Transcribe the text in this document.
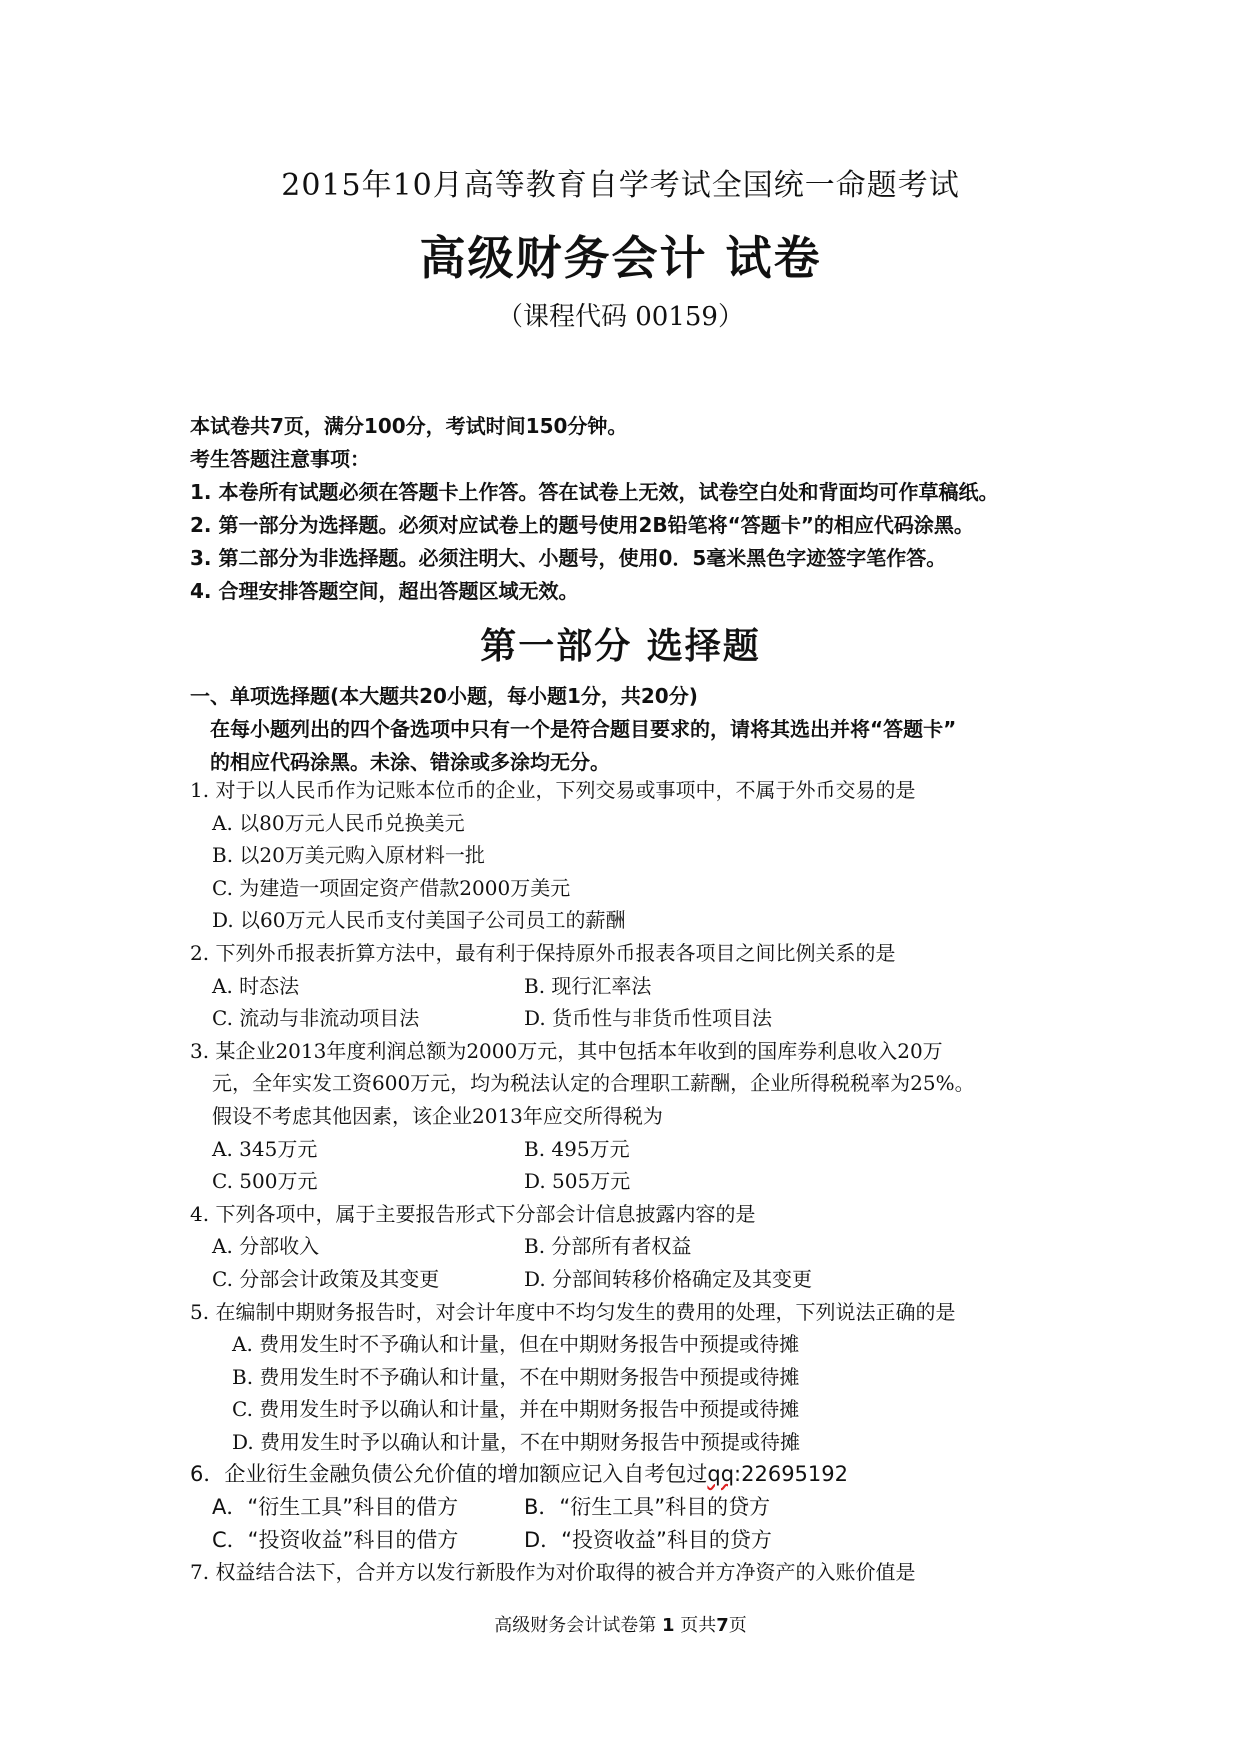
2015年10月高等教育自学考试全国统一命题考试
高级财务会计 试卷
（课程代码 00159）
本试卷共7页，满分100分，考试时间150分钟。
考生答题注意事项：
1. 本卷所有试题必须在答题卡上作答。答在试卷上无效，试卷空白处和背面均可作草稿纸。
2. 第一部分为选择题。必须对应试卷上的题号使用2B铅笔将“答题卡”的相应代码涂黑。
3. 第二部分为非选择题。必须注明大、小题号，使用0．5毫米黑色字迹签字笔作答。
4. 合理安排答题空间，超出答题区域无效。
第一部分 选择题
一、单项选择题(本大题共20小题，每小题1分，共20分)
在每小题列出的四个备选项中只有一个是符合题目要求的，请将其选出并将“答题卡”
的相应代码涂黑。未涂、错涂或多涂均无分。
1. 对于以人民币作为记账本位币的企业，下列交易或事项中，不属于外币交易的是
A. 以80万元人民币兑换美元
B. 以20万美元购入原材料一批
C. 为建造一项固定资产借款2000万美元
D. 以60万元人民币支付美国子公司员工的薪酬
2. 下列外币报表折算方法中，最有利于保持原外币报表各项目之间比例关系的是
A. 时态法	B. 现行汇率法
C. 流动与非流动项目法	D. 货币性与非货币性项目法
3. 某企业2013年度利润总额为2000万元，其中包括本年收到的国库券利息收入20万
元，全年实发工资600万元，均为税法认定的合理职工薪酬，企业所得税税率为25%。
假设不考虑其他因素，该企业2013年应交所得税为
A. 345万元	B. 495万元
C. 500万元	D. 505万元
4. 下列各项中，属于主要报告形式下分部会计信息披露内容的是
A. 分部收入	B. 分部所有者权益
C. 分部会计政策及其变更	D. 分部间转移价格确定及其变更
5. 在编制中期财务报告时，对会计年度中不均匀发生的费用的处理，下列说法正确的是
A. 费用发生时不予确认和计量，但在中期财务报告中预提或待摊
B. 费用发生时不予确认和计量，不在中期财务报告中预提或待摊
C. 费用发生时予以确认和计量，并在中期财务报告中预提或待摊
D. 费用发生时予以确认和计量，不在中期财务报告中预提或待摊
6．企业衍生金融负债公允价值的增加额应记入自考包过qq:22695192
A．“衍生工具”科目的借方	B．“衍生工具”科目的贷方
C．“投资收益”科目的借方	D．“投资收益”科目的贷方
7. 权益结合法下，合并方以发行新股作为对价取得的被合并方净资产的入账价值是
高级财务会计试卷第 1 页共7页
